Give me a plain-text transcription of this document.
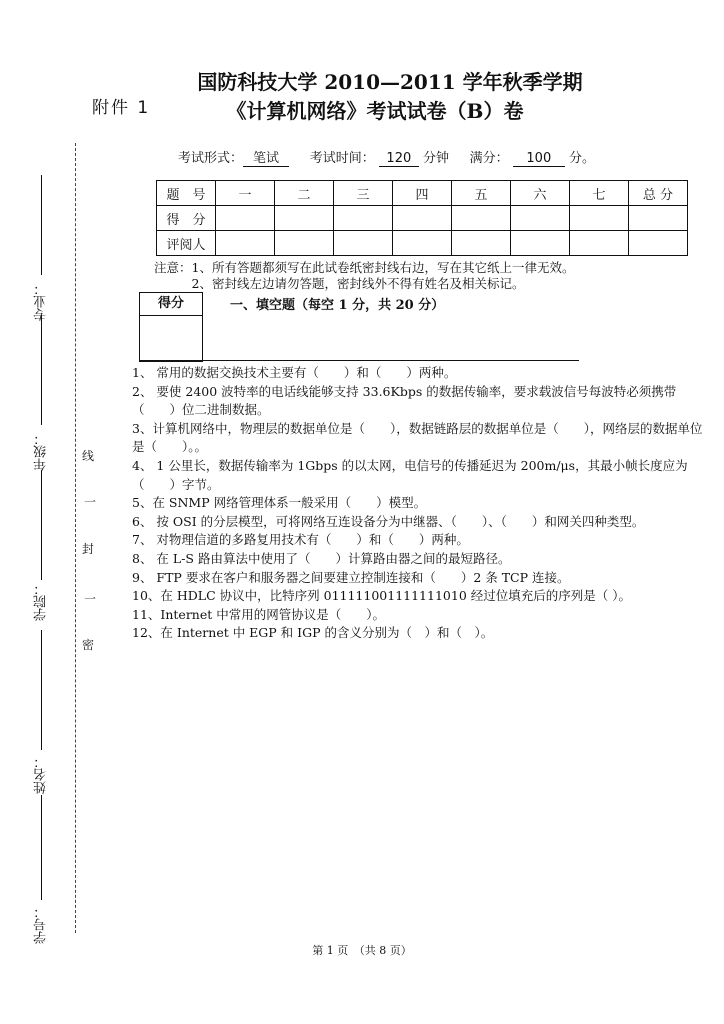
专业：
年级：
学院：
姓名：
学号：
线
一
封
一
密
附件 1
国防科技大学 2010—2011 学年秋季学期
《计算机网络》考试试卷（B）卷
考试形式： 笔试 考试时间： 120 分钟 满分： 100 分。
题　号	一	二	三	四	五	六	七	总 分
得　分								
评阅人								
注意：1、所有答题都须写在此试卷纸密封线右边，写在其它纸上一律无效。
　　　2、密封线左边请勿答题，密封线外不得有姓名及相关标记。
得分	一、填空题（每空 1 分，共 20 分）
1、 常用的数据交换技术主要有（　　）和（　　）两种。
2、 要使 2400 波特率的电话线能够支持 33.6Kbps 的数据传输率，要求载波信号每波特必须携带（　　）位二进制数据。
3、计算机网络中，物理层的数据单位是（　　），数据链路层的数据单位是（　　），网络层的数据单位是（　　）。。
4、 1 公里长，数据传输率为 1Gbps 的以太网，电信号的传播延迟为 200m/μs，其最小帧长度应为（　　）字节。
5、在 SNMP 网络管理体系一般采用（　　）模型。
6、 按 OSI 的分层模型，可将网络互连设备分为中继器、（　　）、（　　）和网关四种类型。
7、 对物理信道的多路复用技术有（　　）和（　　）两种。
8、 在 L-S 路由算法中使用了（　　）计算路由器之间的最短路径。
9、 FTP 要求在客户和服务器之间要建立控制连接和（　　）2 条 TCP 连接。
10、在 HDLC 协议中，比特序列 011111001111111010 经过位填充后的序列是（ ）。
11、Internet 中常用的网管协议是（　　）。
12、在 Internet 中 EGP 和 IGP 的含义分别为（　）和（　）。
第 1 页　（共 8 页）
